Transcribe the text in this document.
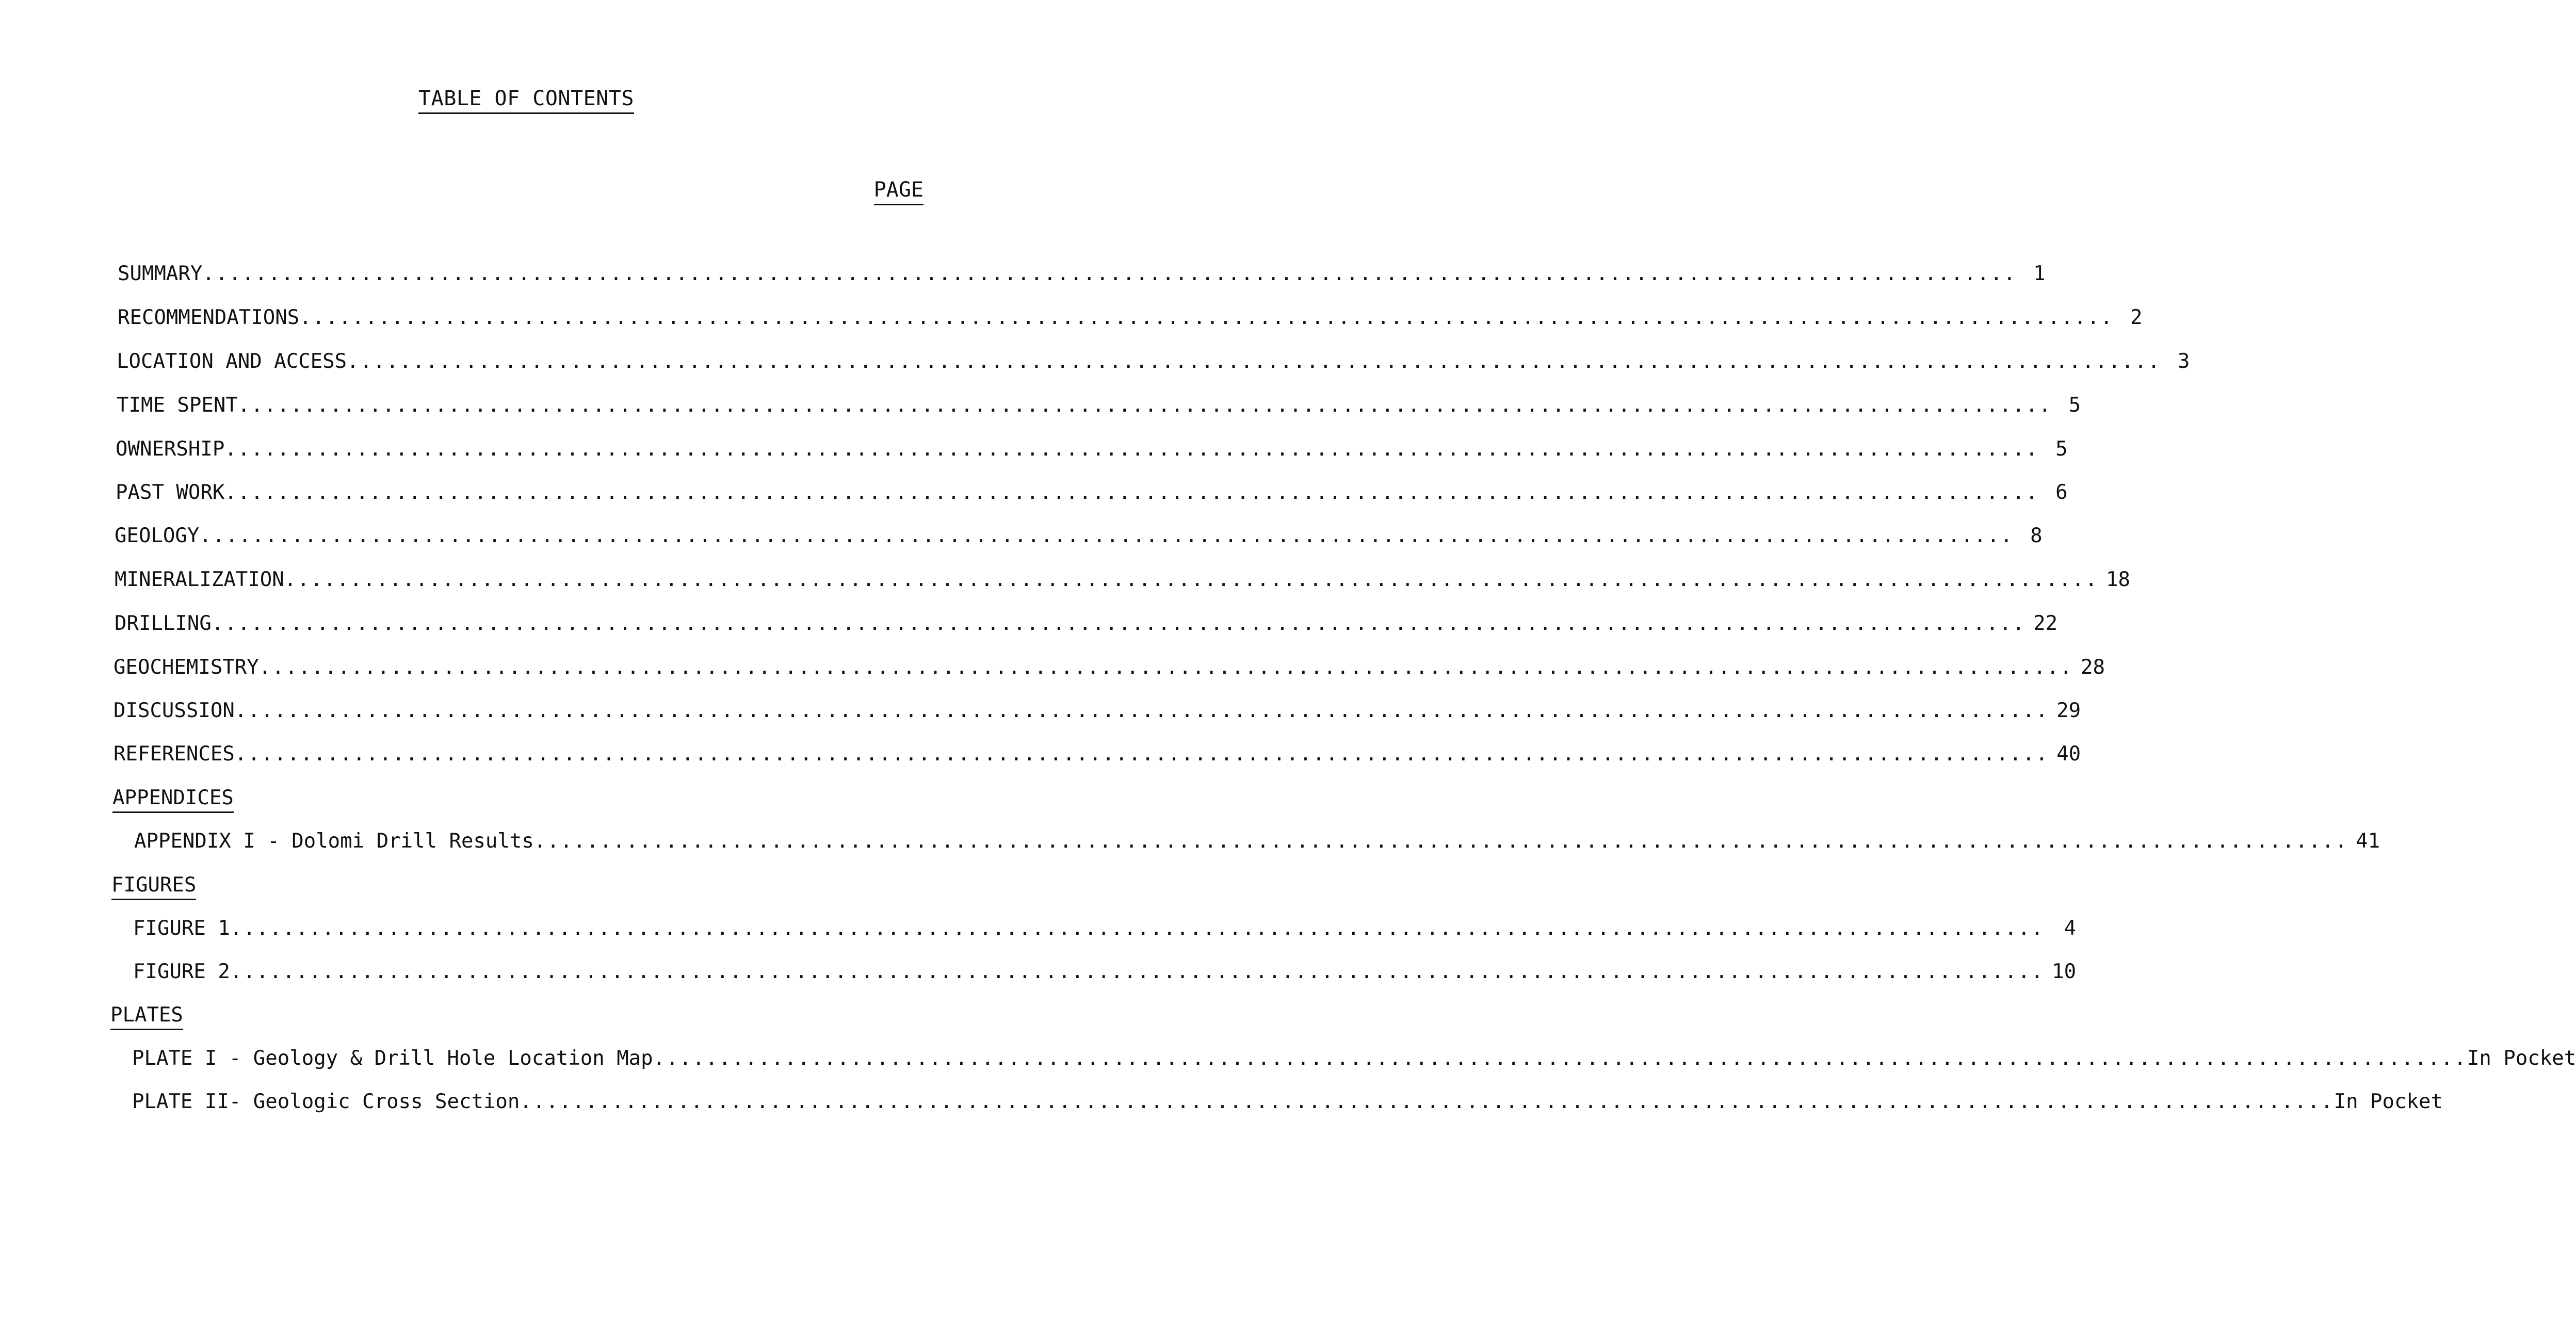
TABLE OF CONTENTS
PAGE
SUMMARY .......................................................................................................................................... 1
RECOMMENDATIONS .......................................................................................................................................... 2
LOCATION AND ACCESS .......................................................................................................................................... 3
TIME SPENT .......................................................................................................................................... 5
OWNERSHIP .......................................................................................................................................... 5
PAST WORK .......................................................................................................................................... 6
GEOLOGY .......................................................................................................................................... 8
MINERALIZATION .......................................................................................................................................... 18
DRILLING .......................................................................................................................................... 22
GEOCHEMISTRY .......................................................................................................................................... 28
DISCUSSION .......................................................................................................................................... 29
REFERENCES .......................................................................................................................................... 40
APPENDICES
APPENDIX I - Dolomi Drill Results .......................................................................................................................................... 41
FIGURES
FIGURE 1 .......................................................................................................................................... 4
FIGURE 2 .......................................................................................................................................... 10
PLATES
PLATE I - Geology & Drill Hole Location Map .......................................................................................................................................... In Pocket
PLATE II- Geologic Cross Section .......................................................................................................................................... In Pocket
